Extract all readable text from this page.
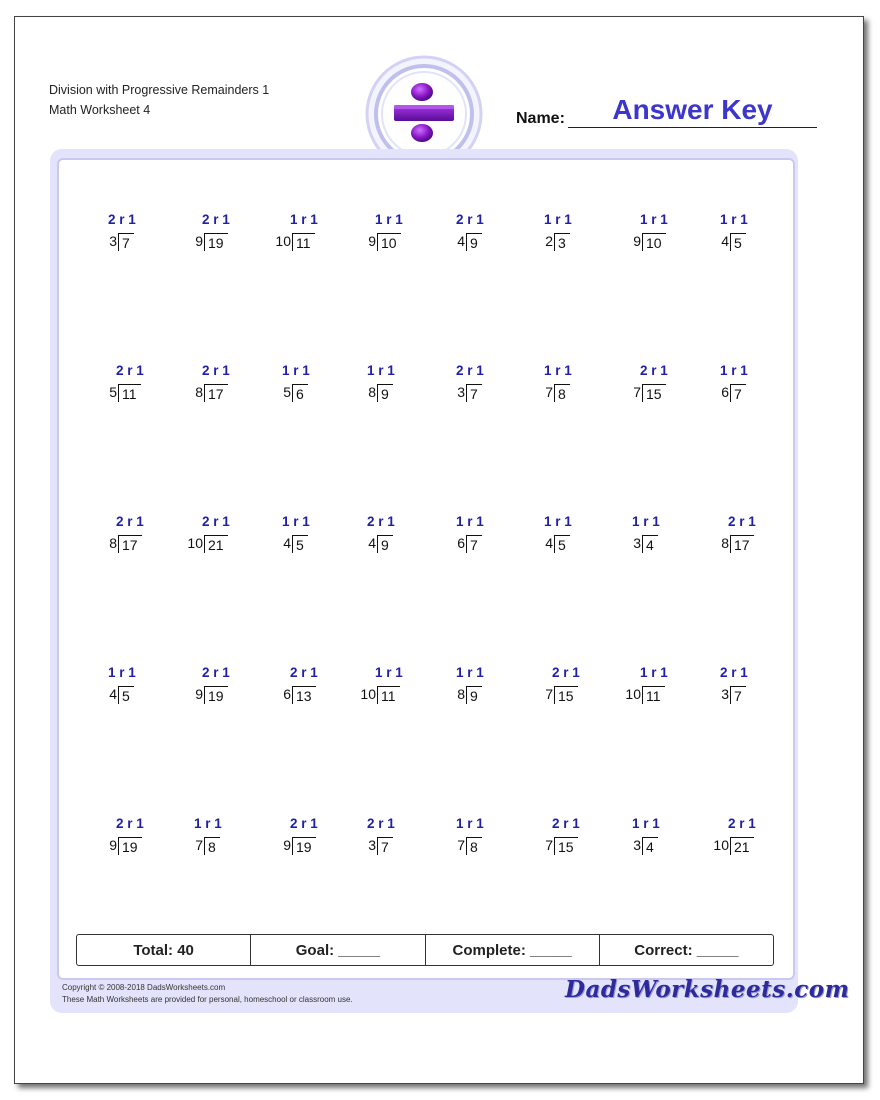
Division with Progressive Remainders 1
Math Worksheet 4	Name:	Answer Key
3 7
2 r 1
9 19
2 r 1
10 11
1 r 1
9 10
1 r 1
4 9
2 r 1
2 3
1 r 1
9 10
1 r 1
4 5
1 r 1
5 11
2 r 1
8 17
2 r 1
5 6
1 r 1
8 9
1 r 1
3 7
2 r 1
7 8
1 r 1
7 15
2 r 1
6 7
1 r 1
8 17
2 r 1
10 21
2 r 1
4 5
1 r 1
4 9
2 r 1
6 7
1 r 1
4 5
1 r 1
3 4
1 r 1
8 17
2 r 1
4 5
1 r 1
9 19
2 r 1
6 13
2 r 1
10 11
1 r 1
8 9
1 r 1
7 15
2 r 1
10 11
1 r 1
3 7
2 r 1
9 19
2 r 1
7 8
1 r 1
9 19
2 r 1
3 7
2 r 1
7 8
1 r 1
7 15
2 r 1
3 4
1 r 1
10 21
2 r 1
Total: 40	Goal: _____	Complete: _____	Correct: _____
Copyright © 2008-2018 DadsWorksheets.com
These Math Worksheets are provided for personal, homeschool or classroom use.	DadsWorksheets.com
